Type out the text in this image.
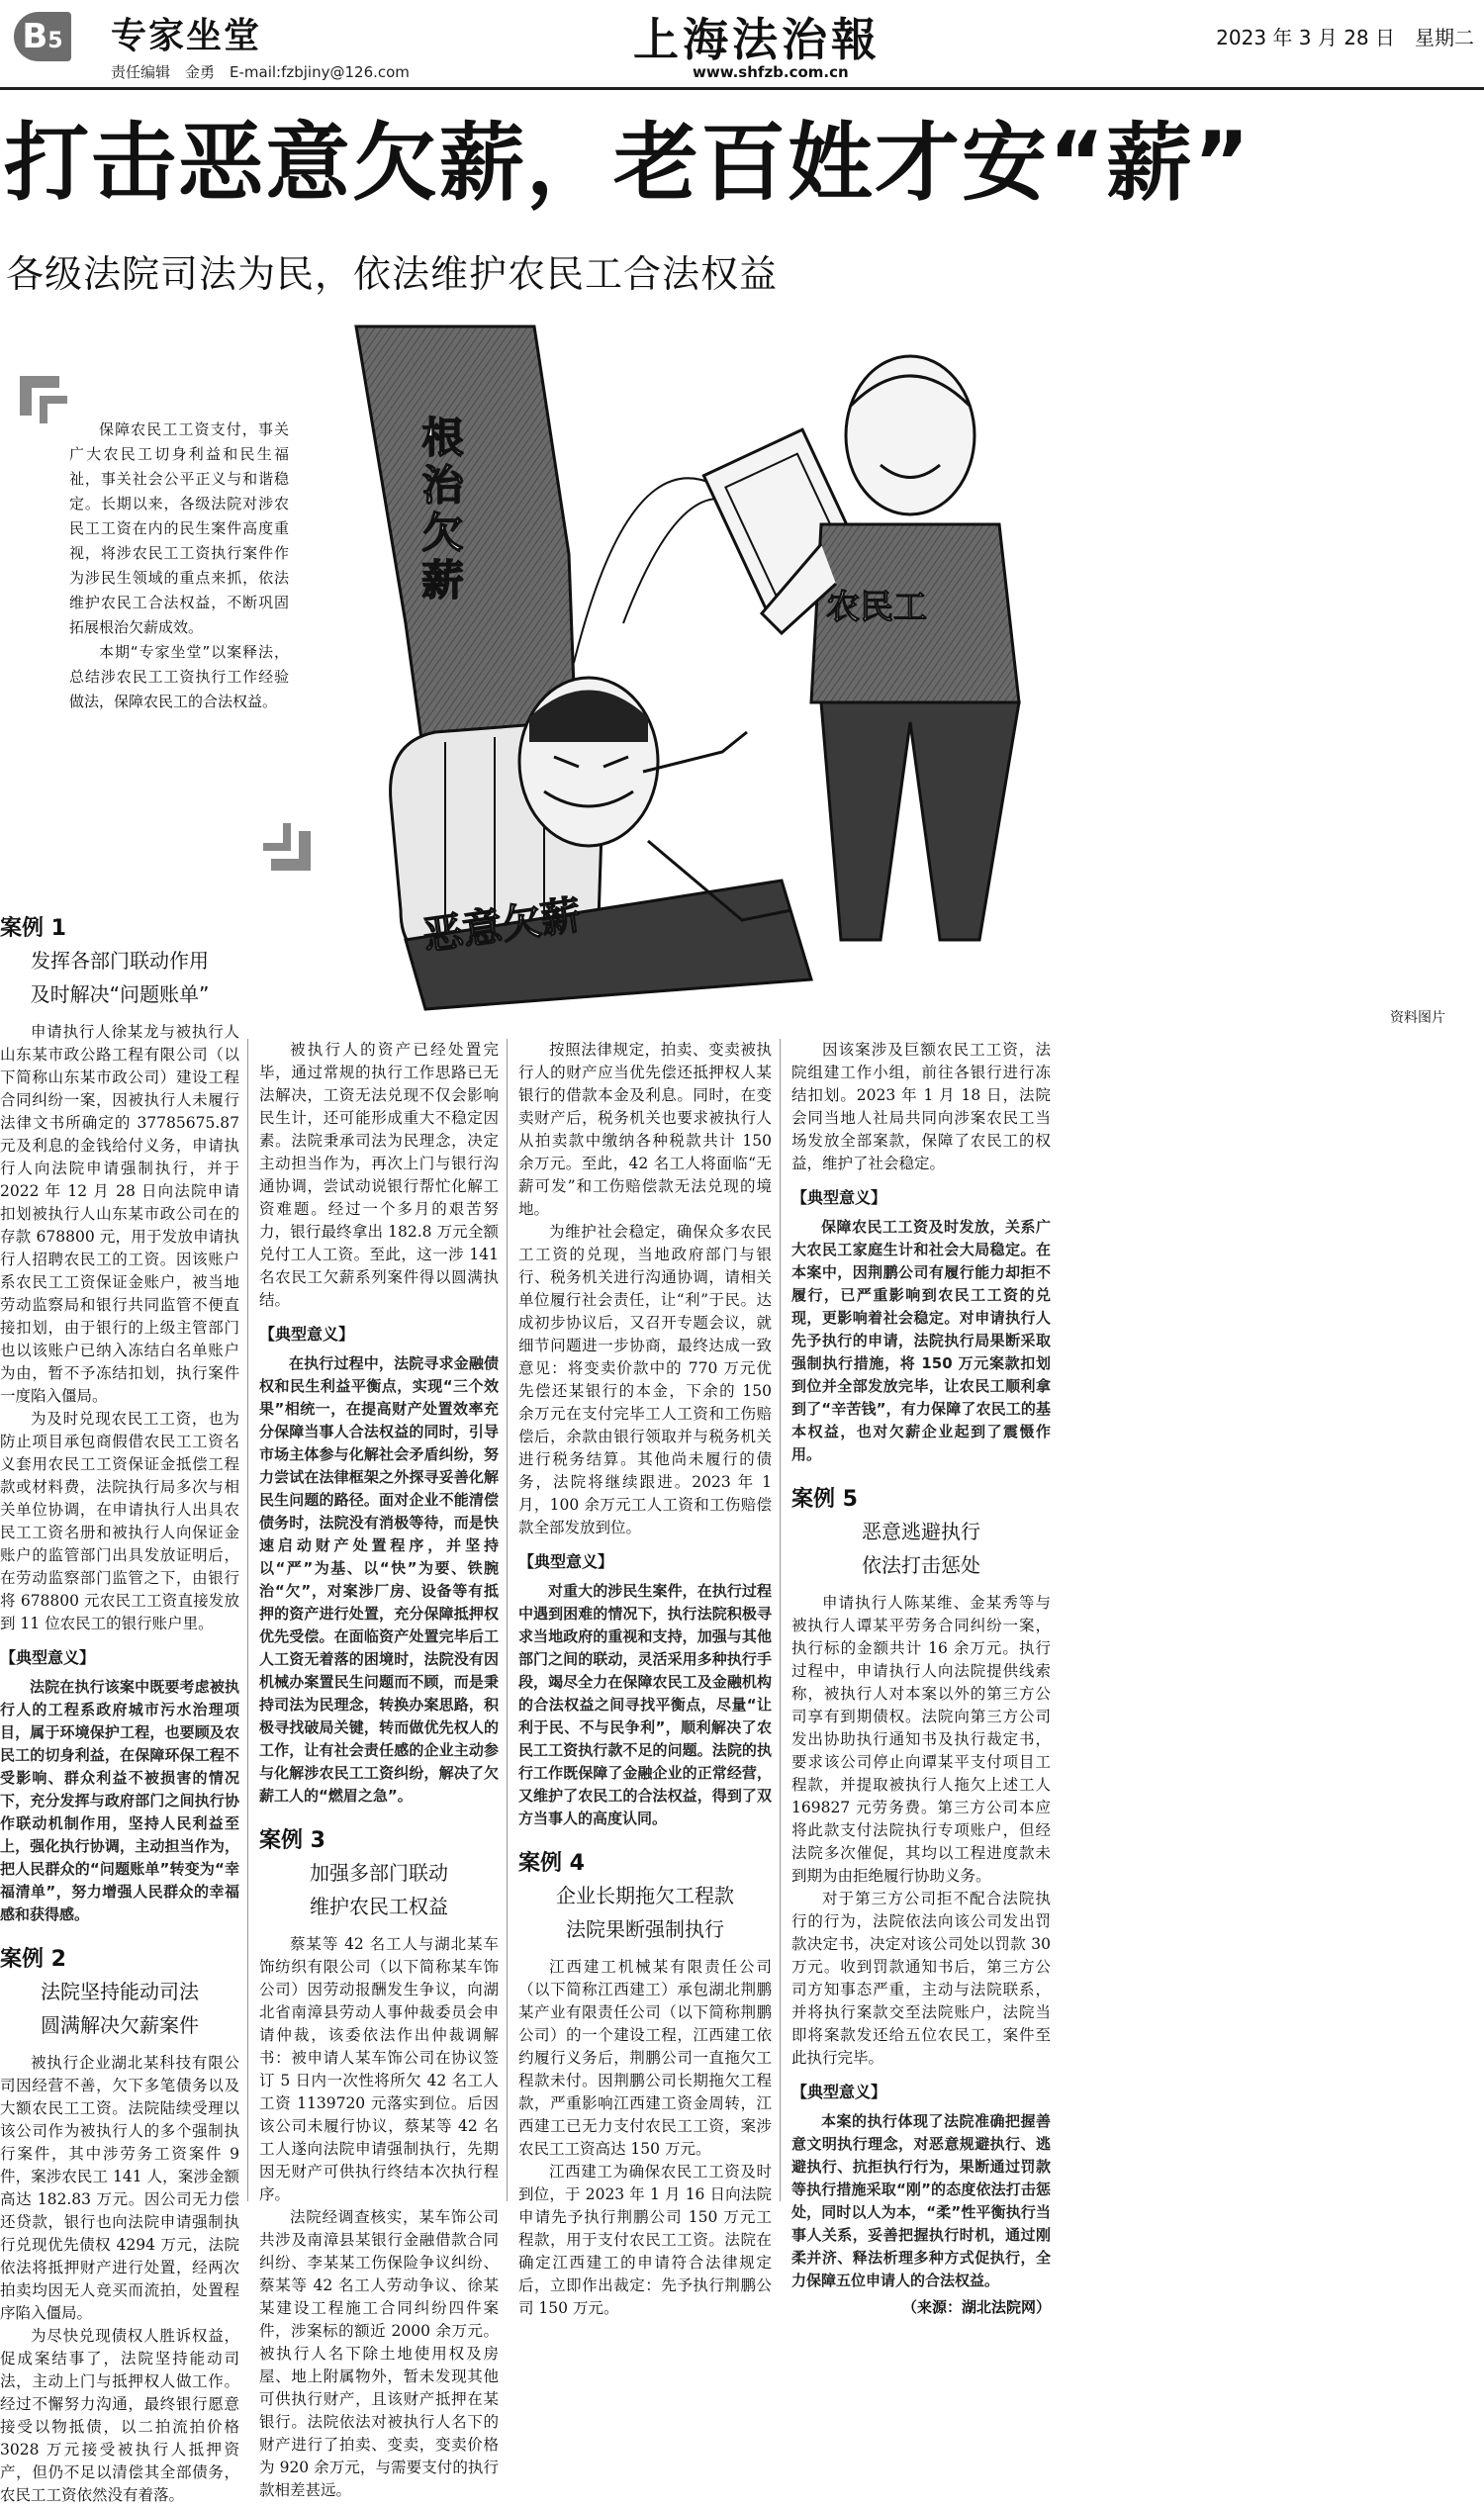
B5 专家坐堂
责任编辑　金勇　E-mail:fzbjiny@126.com
上海法治報
www.shfzb.com.cn
2023 年 3 月 28 日　星期二
打击恶意欠薪，老百姓才安“薪”
各级法院司法为民，依法维护农民工合法权益

保障农民工工资支付，事关广大农民工切身利益和民生福祉，事关社会公平正义与和谐稳定。长期以来，各级法院对涉农民工工资在内的民生案件高度重视，将涉农民工工资执行案件作为涉民生领域的重点来抓，依法维护农民工合法权益，不断巩固拓展根治欠薪成效。

本期“专家坐堂”以案释法，总结涉农民工工资执行工作经验做法，保障农民工的合法权益。

根治欠薪
恶意欠薪
农民工
资料图片
案例 1
发挥各部门联动作用
及时解决“问题账单”

申请执行人徐某龙与被执行人山东某市政公路工程有限公司（以下简称山东某市政公司）建设工程合同纠纷一案，因被执行人未履行法律文书所确定的 37785675.87 元及利息的金钱给付义务，申请执行人向法院申请强制执行，并于 2022 年 12 月 28 日向法院申请扣划被执行人山东某市政公司在的存款 678800 元，用于发放申请执行人招聘农民工的工资。因该账户系农民工工资保证金账户，被当地劳动监察局和银行共同监管不便直接扣划，由于银行的上级主管部门也以该账户已纳入冻结白名单账户为由，暂不予冻结扣划，执行案件一度陷入僵局。

为及时兑现农民工工资，也为防止项目承包商假借农民工工资名义套用农民工工资保证金抵偿工程款或材料费，法院执行局多次与相关单位协调，在申请执行人出具农民工工资名册和被执行人向保证金账户的监管部门出具发放证明后，在劳动监察部门监管之下，由银行将 678800 元农民工工资直接发放到 11 位农民工的银行账户里。

【典型意义】

法院在执行该案中既要考虑被执行人的工程系政府城市污水治理项目，属于环境保护工程，也要顾及农民工的切身利益，在保障环保工程不受影响、群众利益不被损害的情况下，充分发挥与政府部门之间执行协作联动机制作用，坚持人民利益至上，强化执行协调，主动担当作为，把人民群众的“问题账单”转变为“幸福清单”，努力增强人民群众的幸福感和获得感。

案例 2
法院坚持能动司法
圆满解决欠薪案件

被执行企业湖北某科技有限公司因经营不善，欠下多笔债务以及大额农民工工资。法院陆续受理以该公司作为被执行人的多个强制执行案件，其中涉劳务工资案件 9 件，案涉农民工 141 人，案涉金额高达 182.83 万元。因公司无力偿还贷款，银行也向法院申请强制执行兑现优先债权 4294 万元，法院依法将抵押财产进行处置，经两次拍卖均因无人竞买而流拍，处置程序陷入僵局。

为尽快兑现债权人胜诉权益，促成案结事了，法院坚持能动司法，主动上门与抵押权人做工作。经过不懈努力沟通，最终银行愿意接受以物抵债，以二拍流拍价格 3028 万元接受被执行人抵押资产，但仍不足以清偿其全部债务，农民工工资依然没有着落。

被执行人的资产已经处置完毕，通过常规的执行工作思路已无法解决，工资无法兑现不仅会影响民生计，还可能形成重大不稳定因素。法院秉承司法为民理念，决定主动担当作为，再次上门与银行沟通协调，尝试动说银行帮忙化解工资难题。经过一个多月的艰苦努力，银行最终拿出 182.8 万元全额兑付工人工资。至此，这一涉 141 名农民工欠薪系列案件得以圆满执结。

【典型意义】

在执行过程中，法院寻求金融债权和民生利益平衡点，实现“三个效果”相统一，在提高财产处置效率充分保障当事人合法权益的同时，引导市场主体参与化解社会矛盾纠纷，努力尝试在法律框架之外探寻妥善化解民生问题的路径。面对企业不能清偿债务时，法院没有消极等待，而是快速启动财产处置程序，并坚持以“严”为基、以“快”为要、铁腕治“欠”，对案涉厂房、设备等有抵押的资产进行处置，充分保障抵押权优先受偿。在面临资产处置完毕后工人工资无着落的困境时，法院没有因机械办案置民生问题而不顾，而是秉持司法为民理念，转换办案思路，积极寻找破局关键，转而做优先权人的工作，让有社会责任感的企业主动参与化解涉农民工工资纠纷，解决了欠薪工人的“燃眉之急”。

案例 3
加强多部门联动
维护农民工权益

蔡某等 42 名工人与湖北某车饰纺织有限公司（以下简称某车饰公司）因劳动报酬发生争议，向湖北省南漳县劳动人事仲裁委员会申请仲裁，该委依法作出仲裁调解书：被申请人某车饰公司在协议签订 5 日内一次性将所欠 42 名工人工资 1139720 元落实到位。后因该公司未履行协议，蔡某等 42 名工人遂向法院申请强制执行，先期因无财产可供执行终结本次执行程序。

法院经调查核实，某车饰公司共涉及南漳县某银行金融借款合同纠纷、李某某工伤保险争议纠纷、蔡某等 42 名工人劳动争议、徐某某建设工程施工合同纠纷四件案件，涉案标的额近 2000 余万元。被执行人名下除土地使用权及房屋、地上附属物外，暂未发现其他可供执行财产，且该财产抵押在某银行。法院依法对被执行人名下的财产进行了拍卖、变卖，变卖价格为 920 余万元，与需要支付的执行款相差甚远。

按照法律规定，拍卖、变卖被执行人的财产应当优先偿还抵押权人某银行的借款本金及利息。同时，在变卖财产后，税务机关也要求被执行人从拍卖款中缴纳各种税款共计 150 余万元。至此，42 名工人将面临“无薪可发”和工伤赔偿款无法兑现的境地。

为维护社会稳定，确保众多农民工工资的兑现，当地政府部门与银行、税务机关进行沟通协调，请相关单位履行社会责任，让“利”于民。达成初步协议后，又召开专题会议，就细节问题进一步协商，最终达成一致意见：将变卖价款中的 770 万元优先偿还某银行的本金，下余的 150 余万元在支付完毕工人工资和工伤赔偿后，余款由银行领取并与税务机关进行税务结算。其他尚未履行的债务，法院将继续跟进。2023 年 1 月，100 余万元工人工资和工伤赔偿款全部发放到位。

【典型意义】

对重大的涉民生案件，在执行过程中遇到困难的情况下，执行法院积极寻求当地政府的重视和支持，加强与其他部门之间的联动，灵活采用多种执行手段，竭尽全力在保障农民工及金融机构的合法权益之间寻找平衡点，尽量“让利于民、不与民争利”，顺利解决了农民工工资执行款不足的问题。法院的执行工作既保障了金融企业的正常经营，又维护了农民工的合法权益，得到了双方当事人的高度认同。

案例 4
企业长期拖欠工程款
法院果断强制执行

江西建工机械某有限责任公司（以下简称江西建工）承包湖北荆鹏某产业有限责任公司（以下简称荆鹏公司）的一个建设工程，江西建工依约履行义务后，荆鹏公司一直拖欠工程款未付。因荆鹏公司长期拖欠工程款，严重影响江西建工资金周转，江西建工已无力支付农民工工资，案涉农民工工资高达 150 万元。

江西建工为确保农民工工资及时到位，于 2023 年 1 月 16 日向法院申请先予执行荆鹏公司 150 万元工程款，用于支付农民工工资。法院在确定江西建工的申请符合法律规定后，立即作出裁定：先予执行荆鹏公司 150 万元。

因该案涉及巨额农民工工资，法院组建工作小组，前往各银行进行冻结扣划。2023 年 1 月 18 日，法院会同当地人社局共同向涉案农民工当场发放全部案款，保障了农民工的权益，维护了社会稳定。

【典型意义】

保障农民工工资及时发放，关系广大农民工家庭生计和社会大局稳定。在本案中，因荆鹏公司有履行能力却拒不履行，已严重影响到农民工工资的兑现，更影响着社会稳定。对申请执行人先予执行的申请，法院执行局果断采取强制执行措施，将 150 万元案款扣划到位并全部发放完毕，让农民工顺利拿到了“辛苦钱”，有力保障了农民工的基本权益，也对欠薪企业起到了震慑作用。

案例 5
恶意逃避执行
依法打击惩处

申请执行人陈某维、金某秀等与被执行人谭某平劳务合同纠纷一案，执行标的金额共计 16 余万元。执行过程中，申请执行人向法院提供线索称，被执行人对本案以外的第三方公司享有到期债权。法院向第三方公司发出协助执行通知书及执行裁定书，要求该公司停止向谭某平支付项目工程款，并提取被执行人拖欠上述工人 169827 元劳务费。第三方公司本应将此款支付法院执行专项账户，但经法院多次催促，其均以工程进度款未到期为由拒绝履行协助义务。

对于第三方公司拒不配合法院执行的行为，法院依法向该公司发出罚款决定书，决定对该公司处以罚款 30 万元。收到罚款通知书后，第三方公司方知事态严重，主动与法院联系，并将执行案款交至法院账户，法院当即将案款发还给五位农民工，案件至此执行完毕。

【典型意义】

本案的执行体现了法院准确把握善意文明执行理念，对恶意规避执行、逃避执行、抗拒执行行为，果断通过罚款等执行措施采取“刚”的态度依法打击惩处，同时以人为本，“柔”性平衡执行当事人关系，妥善把握执行时机，通过刚柔并济、释法析理多种方式促执行，全力保障五位申请人的合法权益。

（来源：湖北法院网）
